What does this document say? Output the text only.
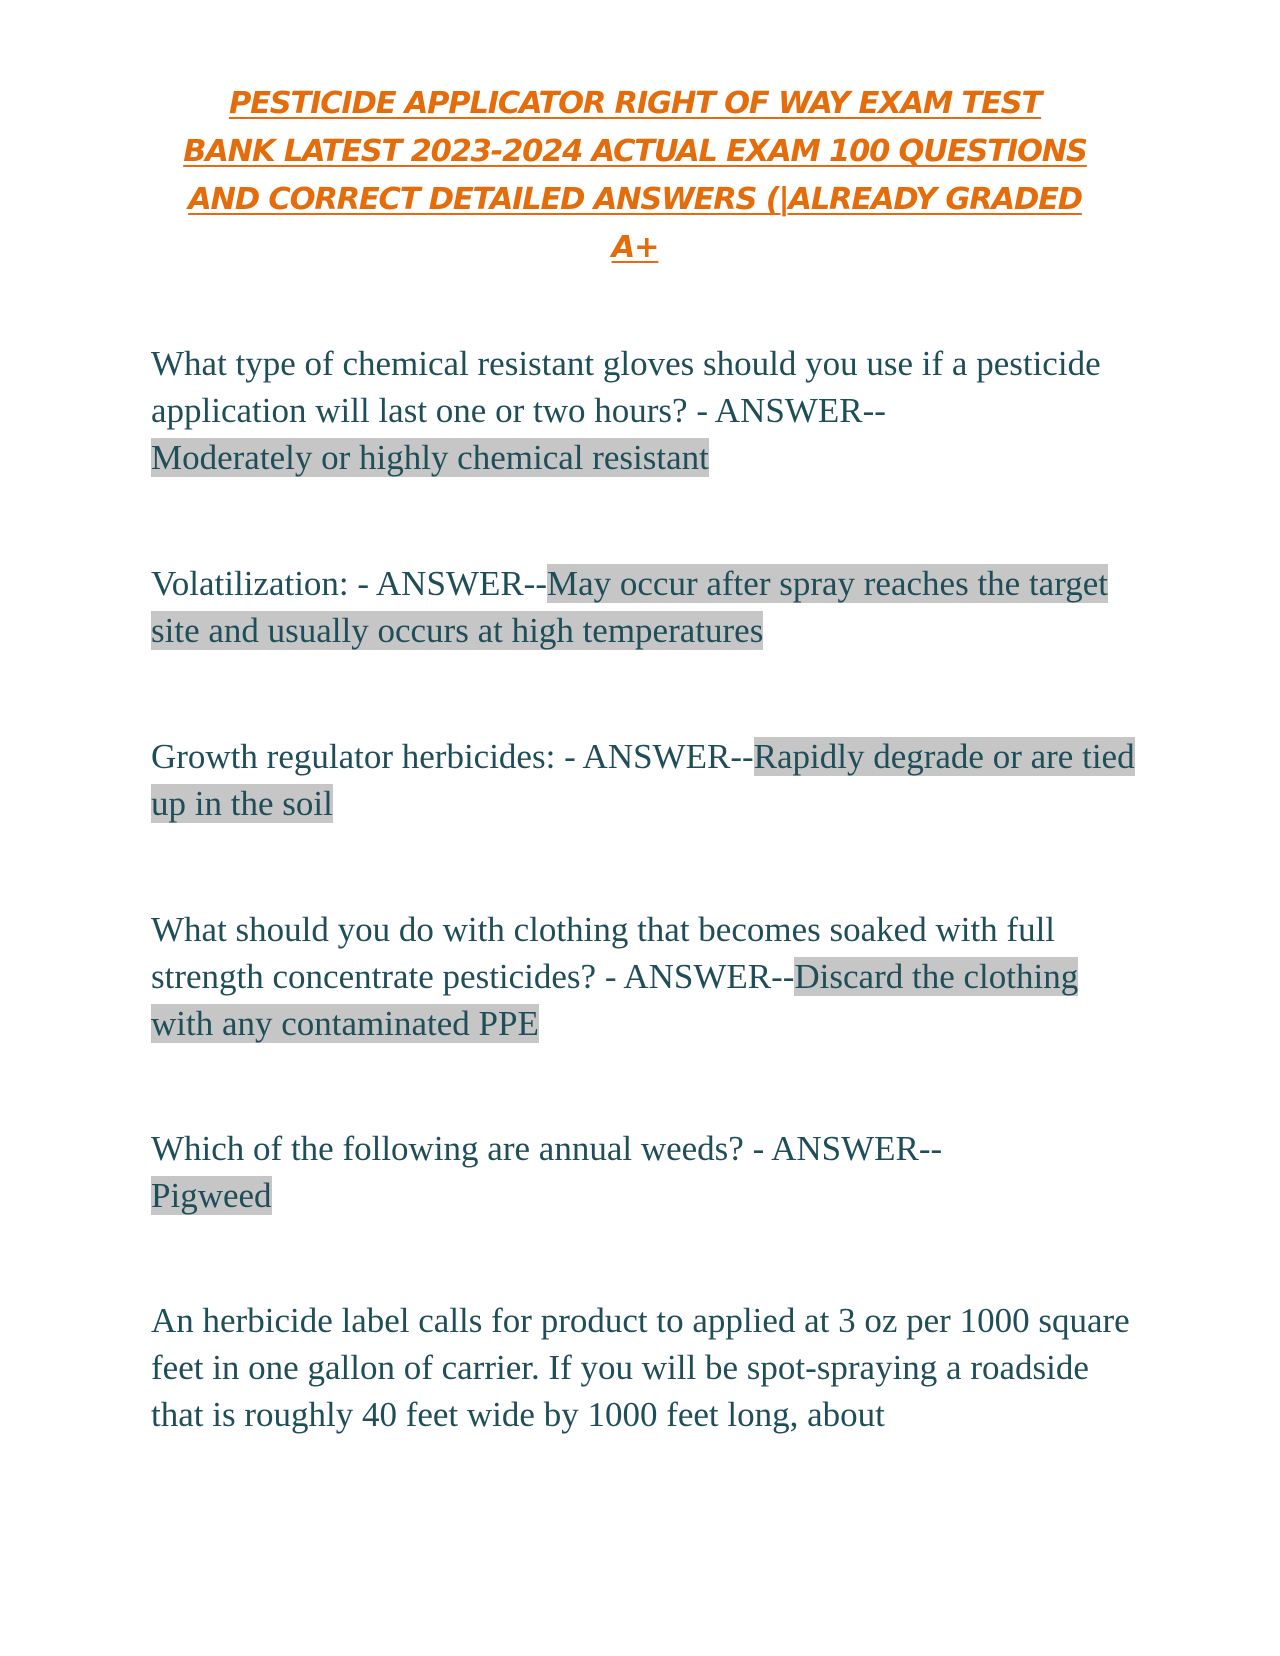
PESTICIDE APPLICATOR RIGHT OF WAY EXAM TEST
BANK LATEST 2023-2024 ACTUAL EXAM 100 QUESTIONS
AND CORRECT DETAILED ANSWERS (|ALREADY GRADED
A+

What type of chemical resistant gloves should you use if a pesticide application will last one or two hours? - ANSWER--
Moderately or highly chemical resistant

Volatilization: - ANSWER--May occur after spray reaches the target site and usually occurs at high temperatures

Growth regulator herbicides: - ANSWER--Rapidly degrade or are tied up in the soil

What should you do with clothing that becomes soaked with full strength concentrate pesticides? - ANSWER--Discard the clothing with any contaminated PPE

Which of the following are annual weeds? - ANSWER--
Pigweed

An herbicide label calls for product to applied at 3 oz per 1000 square feet in one gallon of carrier. If you will be spot-spraying a roadside that is roughly 40 feet wide by 1000 feet long, about
